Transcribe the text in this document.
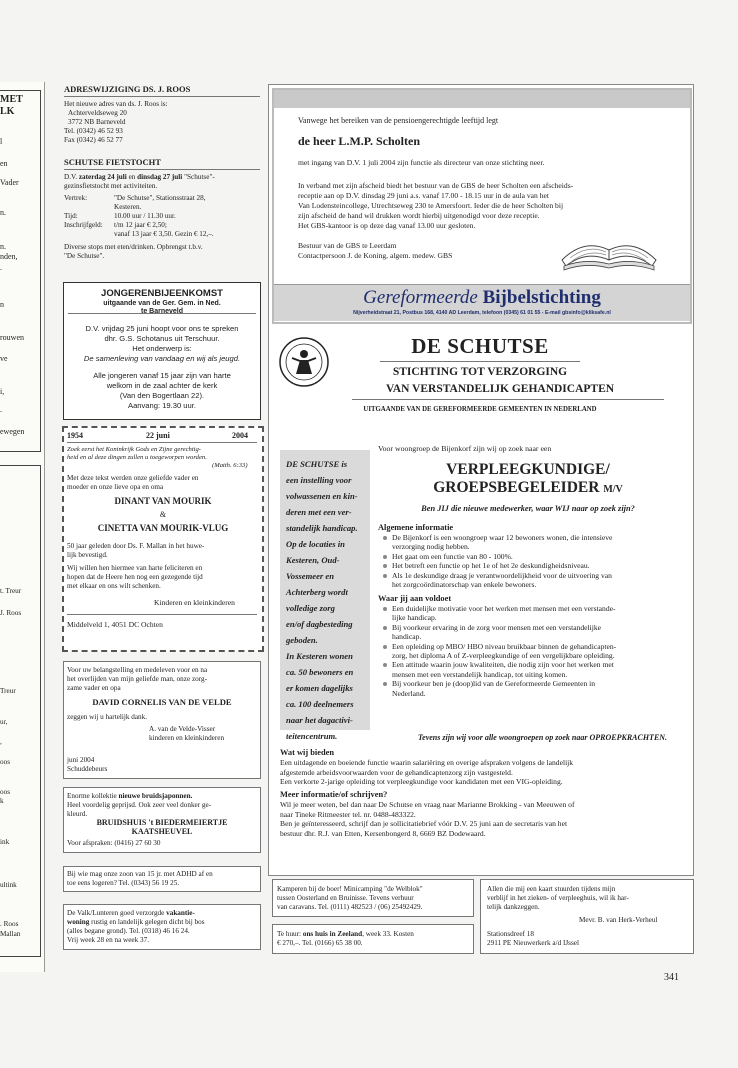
MET
LK
l
en
Vader
n.
n.
nden,
.
n
rouwen
ve
i,
.
ewegen
t. Treur
J. Roos
Treur
ur,
,
oos
oos
k
ink
ultink
. Roos
Mallan
ADRESWIJZIGING DS. J. ROOS
Het nieuwe adres van ds. J. Roos is:
Achterveldseweg 20
3772 NB Barneveld
Tel. (0342) 46 52 93
Fax (0342) 46 52 77
SCHUTSE FIETSTOCHT
D.V. zaterdag 24 juli en dinsdag 27 juli "Schutse"-
gezinsfietstocht met activiteiten.
Vertrek:	"De Schutse", Stationsstraat 28,
Kesteren.
Tijd:	10.00 uur / 11.30 uur.
Inschrijfgeld: t/m 12 jaar € 2,50;
vanaf 13 jaar € 3,50. Gezin € 12,–.
Diverse stops met eten/drinken. Opbrengst t.b.v.
"De Schutse".
JONGERENBIJEENKOMST
uitgaande van de Ger. Gem. in Ned.
te Barneveld
D.V. vrijdag 25 juni hoopt voor ons te spreken
dhr. G.S. Schotanus uit Terschuur.
Het onderwerp is:
De samenleving van vandaag en wij als jeugd.
Alle jongeren vanaf 15 jaar zijn van harte
welkom in de zaal achter de kerk
(Van den Bogertlaan 22).
Aanvang: 19.30 uur.
1954	22 juni	2004
Zoek eerst het Koninkrijk Gods en Zijne gerechtig-
heid en al deze dingen zullen u toegeworpen worden.
(Matth. 6:33)
Met deze tekst werden onze geliefde vader en
moeder en onze lieve opa en oma
DINANT VAN MOURIK
&
CINETTA VAN MOURIK-VLUG
50 jaar geleden door Ds. F. Mallan in het huwe-
lijk bevestigd.
Wij willen hen hiermee van harte feliciteren en
hopen dat de Heere hen nog een gezegende tijd
met elkaar en ons wilt schenken.
Kinderen en kleinkinderen
Middelveld 1, 4051 DC Ochten
Voor uw belangstelling en medeleven voor en na
het overlijden van mijn geliefde man, onze zorg-
zame vader en opa
DAVID CORNELIS VAN DE VELDE
zeggen wij u hartelijk dank.
A. van de Velde-Visser
kinderen en kleinkinderen
juni 2004
Schuddebeurs
Enorme kollektie nieuwe bruidsjaponnen.
Heel voordelig geprijsd. Ook zeer veel donker ge-
kleurd.
BRUIDSHUIS 't BIEDERMEIERTJE
KAATSHEUVEL
Voor afspraken: (0416) 27 60 30
Bij wie mag onze zoon van 15 jr. met ADHD af en
toe eens logeren? Tel. (0343) 56 19 25.
De Valk/Lunteren goed verzorgde vakantie-
woning rustig en landelijk gelegen dicht bij bos
(alles begane grond). Tel. (0318) 46 16 24.
Vrij week 28 en na week 37.
Vanwege het bereiken van de pensioengerechtigde leeftijd legt
de heer L.M.P. Scholten
met ingang van D.V. 1 juli 2004 zijn functie als directeur van onze stichting neer.
In verband met zijn afscheid biedt het bestuur van de GBS de heer Scholten een afscheids-
receptie aan op D.V. dinsdag 29 juni a.s. vanaf 17.00 - 18.15 uur in de aula van het
Van Lodensteincollege, Utrechtseweg 230 te Amersfoort. Ieder die de heer Scholten bij
zijn afscheid de hand wil drukken wordt hierbij uitgenodigd voor deze receptie.
Het GBS-kantoor is op deze dag vanaf 13.00 uur gesloten.
Bestuur van de GBS te Leerdam
Contactpersoon J. de Koning, algem. medew. GBS
Gereformeerde Bijbelstichting
Nijverheidstraat 21, Postbus 168, 4140 AD Leerdam, telefoon (0345) 61 01 55 - E-mail gbsinfo@kliksafe.nl
DE SCHUTSE
STICHTING TOT VERZORGING
VAN VERSTANDELIJK GEHANDICAPTEN
UITGAANDE VAN DE GEREFORMEERDE GEMEENTEN IN NEDERLAND
DE SCHUTSE is
een instelling voor
volwassenen en kin-
deren met een ver-
standelijk handicap.
Op de locaties in
Kesteren, Oud-
Vossemeer en
Achterberg wordt
volledige zorg
en/of dagbesteding
geboden.
In Kesteren wonen
ca. 50 bewoners en
er komen dagelijks
ca. 100 deelnemers
naar het dagactivi-
teitencentrum.
Voor woongroep de Bijenkorf zijn wij op zoek naar een
VERPLEEGKUNDIGE/
GROEPSBEGELEIDER M/V
Ben JIJ die nieuwe medewerker, waar WIJ naar op zoek zijn?
Algemene informatie
De Bijenkorf is een woongroep waar 12 bewoners wonen, die intensieve
verzorging nodig hebben.
Het gaat om een functie van 80 - 100%.
Het betreft een functie op het 1e of het 2e deskundigheidsniveau.
Als 1e deskundige draag je verantwoordelijkheid voor de uitvoering van
het zorgcoördinatorschap van enkele bewoners.
Waar jij aan voldoet
Een duidelijke motivatie voor het werken met mensen met een verstande-
lijke handicap.
Bij voorkeur ervaring in de zorg voor mensen met een verstandelijke
handicap.
Een opleiding op MBO/ HBO niveau bruikbaar binnen de gehandicapten-
zorg, het diploma A of Z-verpleegkundige of een vergelijkbare opleiding.
Een attitude waarin jouw kwaliteiten, die nodig zijn voor het werken met
mensen met een verstandelijk handicap, tot uiting komen.
Bij voorkeur ben je (doop)lid van de Gereformeerde Gemeenten in
Nederland.
Tevens zijn wij voor alle woongroepen op zoek naar OPROEPKRACHTEN.
Wat wij bieden
Een uitdagende en boeiende functie waarin salariëring en overige afspraken volgens de landelijk
afgestemde arbeidsvoorwaarden voor de gehandicaptenzorg zijn vastgesteld.
Een verkorte 2-jarige opleiding tot verpleegkundige voor kandidaten met een VIG-opleiding.
Meer informatie/of schrijven?
Wil je meer weten, bel dan naar De Schutse en vraag naar Marianne Brokking - van Meeuwen of
naar Tineke Ritmeester tel. nr. 0488-483322.
Ben je geïnteresseerd, schrijf dan je sollicitatiebrief vóór D.V. 25 juni aan de secretaris van het
bestuur dhr. R.J. van Etten, Kersenbongerd 8, 6669 BZ Dodewaard.
Kamperen bij de boer! Minicamping "de Welblok"
tussen Oosterland en Bruinisse. Tevens verhuur
van caravans. Tel. (0111) 482523 / (06) 25492429.
Te huur: ons huis in Zeeland, week 33. Kosten
€ 270,–. Tel. (0166) 65 38 00.
Allen die mij een kaart stuurden tijdens mijn
verblijf in het zieken- of verpleeghuis, wil ik har-
telijk dankzeggen.
Mevr. B. van Herk-Verheul
Stationsdreef 18
2911 PE Nieuwerkerk a/d IJssel
341
